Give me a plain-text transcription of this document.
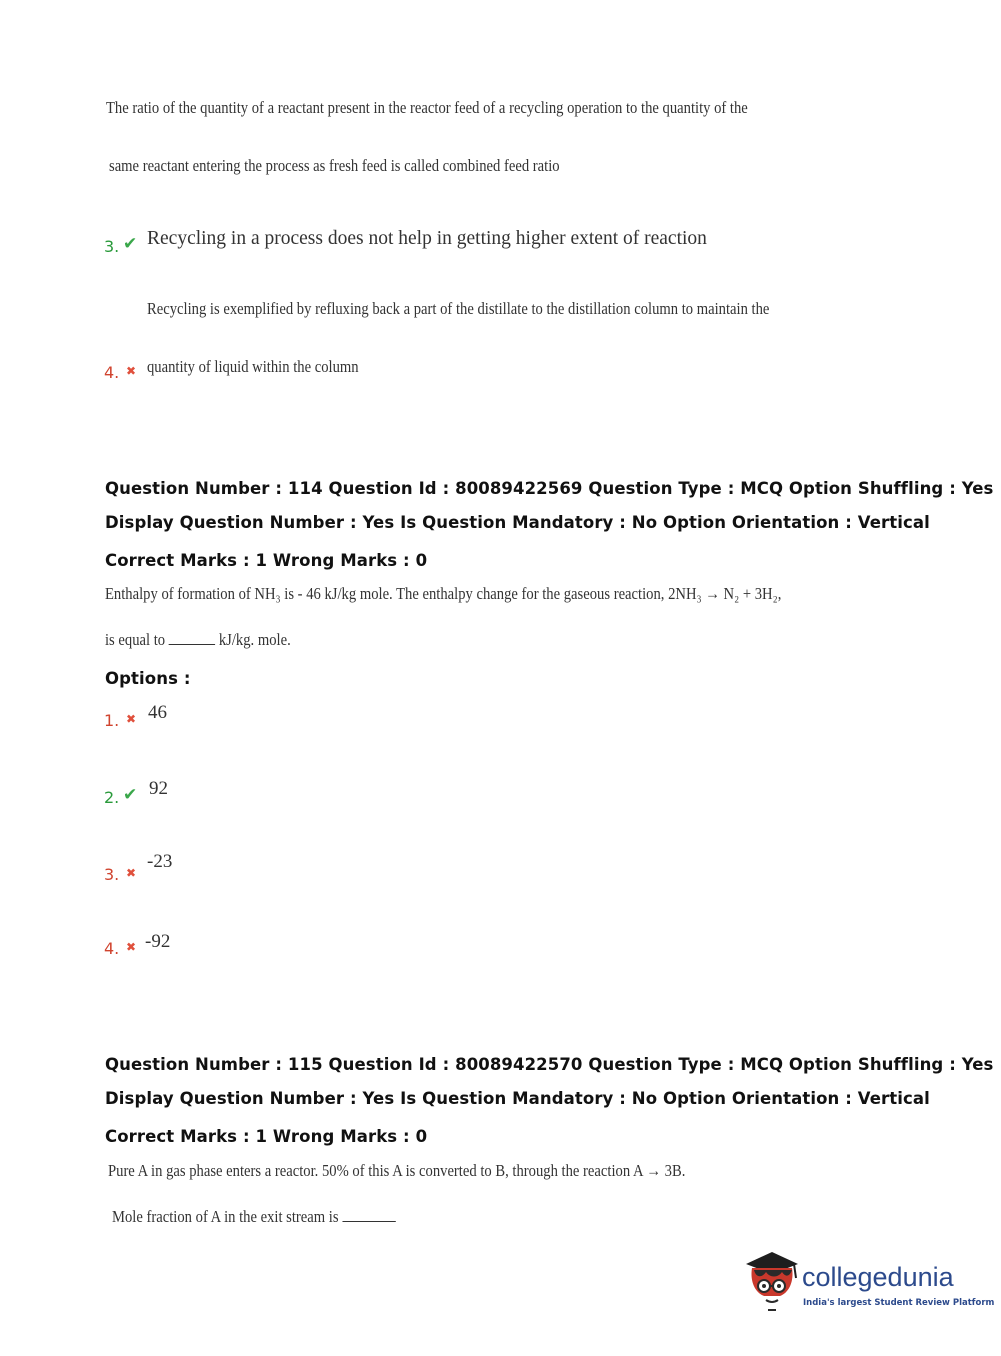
The ratio of the quantity of a reactant present in the reactor feed of a recycling operation to the quantity of the
same reactant entering the process as fresh feed is called combined feed ratio
3. ✔ Recycling in a process does not help in getting higher extent of reaction
Recycling is exemplified by refluxing back a part of the distillate to the distillation column to maintain the
4. ✖ quantity of liquid within the column
Question Number : 114 Question Id : 80089422569 Question Type : MCQ Option Shuffling : Yes
Display Question Number : Yes Is Question Mandatory : No Option Orientation : Vertical
Correct Marks : 1 Wrong Marks : 0
Enthalpy of formation of NH₃ is - 46 kJ/kg mole. The enthalpy change for the gaseous reaction, 2NH₃ → N₂ + 3H₂,
is equal to	kJ/kg. mole.
Options :
1. ✖ 46
2. ✔ 92
3. ✖
-23
4. ✖ -92
Question Number : 115 Question Id : 80089422570 Question Type : MCQ Option Shuffling : Yes
Display Question Number : Yes Is Question Mandatory : No Option Orientation : Vertical
Correct Marks : 1 Wrong Marks : 0
Pure A in gas phase enters a reactor. 50% of this A is converted to B, through the reaction A → 3B.
Mole fraction of A in the exit stream is
collegedunia
India's largest Student Review Platform
